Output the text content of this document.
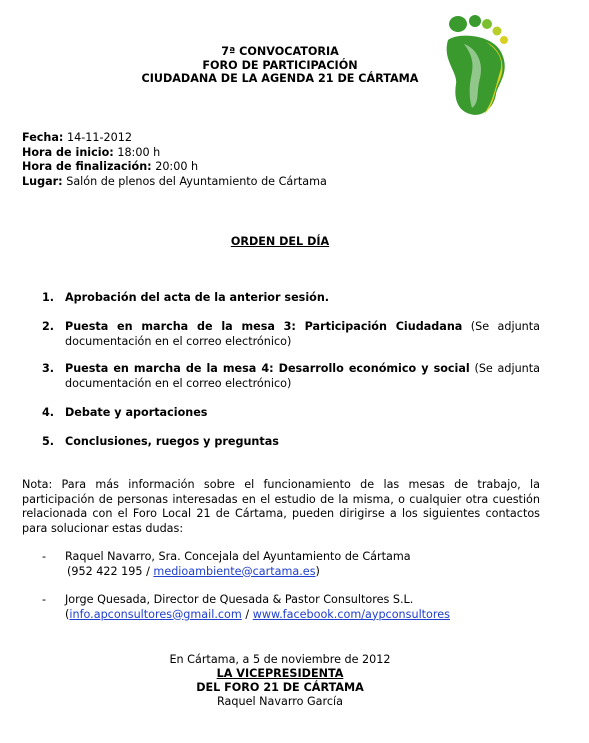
7ª CONVOCATORIA
FORO DE PARTICIPACIÓN
CIUDADANA DE LA AGENDA 21 DE CÁRTAMA
Fecha: 14-11-2012
Hora de inicio: 18:00 h
Hora de finalización: 20:00 h
Lugar: Salón de plenos del Ayuntamiento de Cártama
ORDEN DEL DÍA
1. Aprobación del acta de la anterior sesión.
2. Puesta en marcha de la mesa 3: Participación Ciudadana (Se adjunta documentación en el correo electrónico)
3. Puesta en marcha de la mesa 4: Desarrollo económico y social (Se adjunta documentación en el correo electrónico)
4. Debate y aportaciones
5. Conclusiones, ruegos y preguntas
Nota: Para más información sobre el funcionamiento de las mesas de trabajo, la participación de personas interesadas en el estudio de la misma, o cualquier otra cuestión relacionada con el Foro Local 21 de Cártama, pueden dirigirse a los siguientes contactos para solucionar estas dudas:
- Raquel Navarro, Sra. Concejala del Ayuntamiento de Cártama
(952 422 195 / medioambiente@cartama.es)
- Jorge Quesada, Director de Quesada & Pastor Consultores S.L.
(info.apconsultores@gmail.com / www.facebook.com/aypconsultores
En Cártama, a 5 de noviembre de 2012
LA VICEPRESIDENTA
DEL FORO 21 DE CÁRTAMA
Raquel Navarro García
